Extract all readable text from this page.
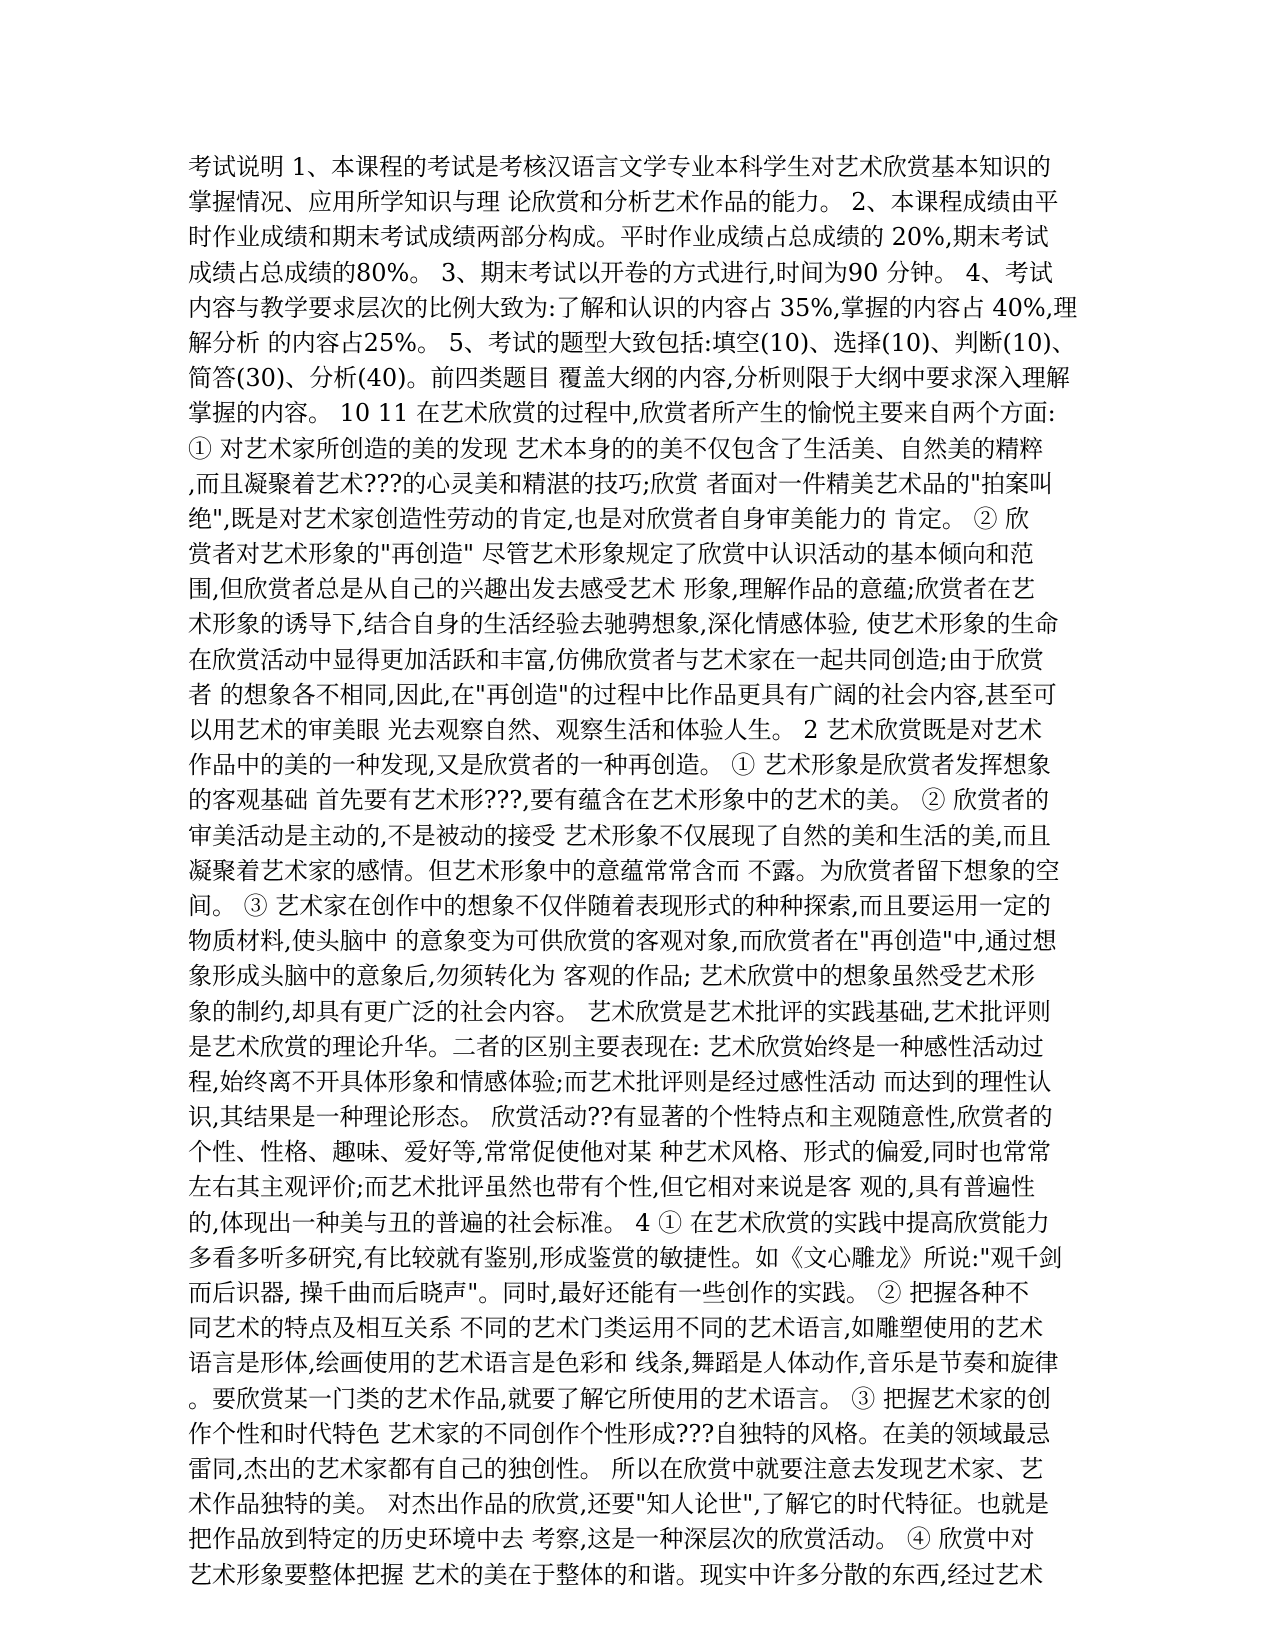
考试说明 1、本课程的考试是考核汉语言文学专业本科学生对艺术欣赏基本知识的
掌握情况、应用所学知识与理 论欣赏和分析艺术作品的能力。 2、本课程成绩由平
时作业成绩和期末考试成绩两部分构成。平时作业成绩占总成绩的 20%,期末考试
成绩占总成绩的80%。 3、期末考试以开卷的方式进行,时间为90 分钟。 4、考试
内容与教学要求层次的比例大致为:了解和认识的内容占 35%,掌握的内容占 40%,理
解分析 的内容占25%。 5、考试的题型大致包括:填空(10)、选择(10)、判断(10)、
简答(30)、分析(40)。前四类题目 覆盖大纲的内容,分析则限于大纲中要求深入理解
掌握的内容。 10 11 在艺术欣赏的过程中,欣赏者所产生的愉悦主要来自两个方面:
① 对艺术家所创造的美的发现 艺术本身的的美不仅包含了生活美、自然美的精粹
,而且凝聚着艺术???的心灵美和精湛的技巧;欣赏 者面对一件精美艺术品的"拍案叫
绝",既是对艺术家创造性劳动的肯定,也是对欣赏者自身审美能力的 肯定。 ② 欣
赏者对艺术形象的"再创造" 尽管艺术形象规定了欣赏中认识活动的基本倾向和范
围,但欣赏者总是从自己的兴趣出发去感受艺术 形象,理解作品的意蕴;欣赏者在艺
术形象的诱导下,结合自身的生活经验去驰骋想象,深化情感体验, 使艺术形象的生命
在欣赏活动中显得更加活跃和丰富,仿佛欣赏者与艺术家在一起共同创造;由于欣赏
者 的想象各不相同,因此,在"再创造"的过程中比作品更具有广阔的社会内容,甚至可
以用艺术的审美眼 光去观察自然、观察生活和体验人生。 2 艺术欣赏既是对艺术
作品中的美的一种发现,又是欣赏者的一种再创造。 ① 艺术形象是欣赏者发挥想象
的客观基础 首先要有艺术形???,要有蕴含在艺术形象中的艺术的美。 ② 欣赏者的
审美活动是主动的,不是被动的接受 艺术形象不仅展现了自然的美和生活的美,而且
凝聚着艺术家的感情。但艺术形象中的意蕴常常含而 不露。为欣赏者留下想象的空
间。 ③ 艺术家在创作中的想象不仅伴随着表现形式的种种探索,而且要运用一定的
物质材料,使头脑中 的意象变为可供欣赏的客观对象,而欣赏者在"再创造"中,通过想
象形成头脑中的意象后,勿须转化为 客观的作品; 艺术欣赏中的想象虽然受艺术形
象的制约,却具有更广泛的社会内容。 艺术欣赏是艺术批评的实践基础,艺术批评则
是艺术欣赏的理论升华。二者的区别主要表现在: 艺术欣赏始终是一种感性活动过
程,始终离不开具体形象和情感体验;而艺术批评则是经过感性活动 而达到的理性认
识,其结果是一种理论形态。 欣赏活动??有显著的个性特点和主观随意性,欣赏者的
个性、性格、趣味、爱好等,常常促使他对某 种艺术风格、形式的偏爱,同时也常常
左右其主观评价;而艺术批评虽然也带有个性,但它相对来说是客 观的,具有普遍性
的,体现出一种美与丑的普遍的社会标准。 4 ① 在艺术欣赏的实践中提高欣赏能力
多看多听多研究,有比较就有鉴别,形成鉴赏的敏捷性。如《文心雕龙》所说:"观千剑
而后识器, 操千曲而后晓声"。同时,最好还能有一些创作的实践。 ② 把握各种不
同艺术的特点及相互关系 不同的艺术门类运用不同的艺术语言,如雕塑使用的艺术
语言是形体,绘画使用的艺术语言是色彩和 线条,舞蹈是人体动作,音乐是节奏和旋律
。要欣赏某一门类的艺术作品,就要了解它所使用的艺术语言。 ③ 把握艺术家的创
作个性和时代特色 艺术家的不同创作个性形成???自独特的风格。在美的领域最忌
雷同,杰出的艺术家都有自己的独创性。 所以在欣赏中就要注意去发现艺术家、艺
术作品独特的美。 对杰出作品的欣赏,还要"知人论世",了解它的时代特征。也就是
把作品放到特定的历史环境中去 考察,这是一种深层次的欣赏活动。 ④ 欣赏中对
艺术形象要整体把握 艺术的美在于整体的和谐。现实中许多分散的东西,经过艺术
